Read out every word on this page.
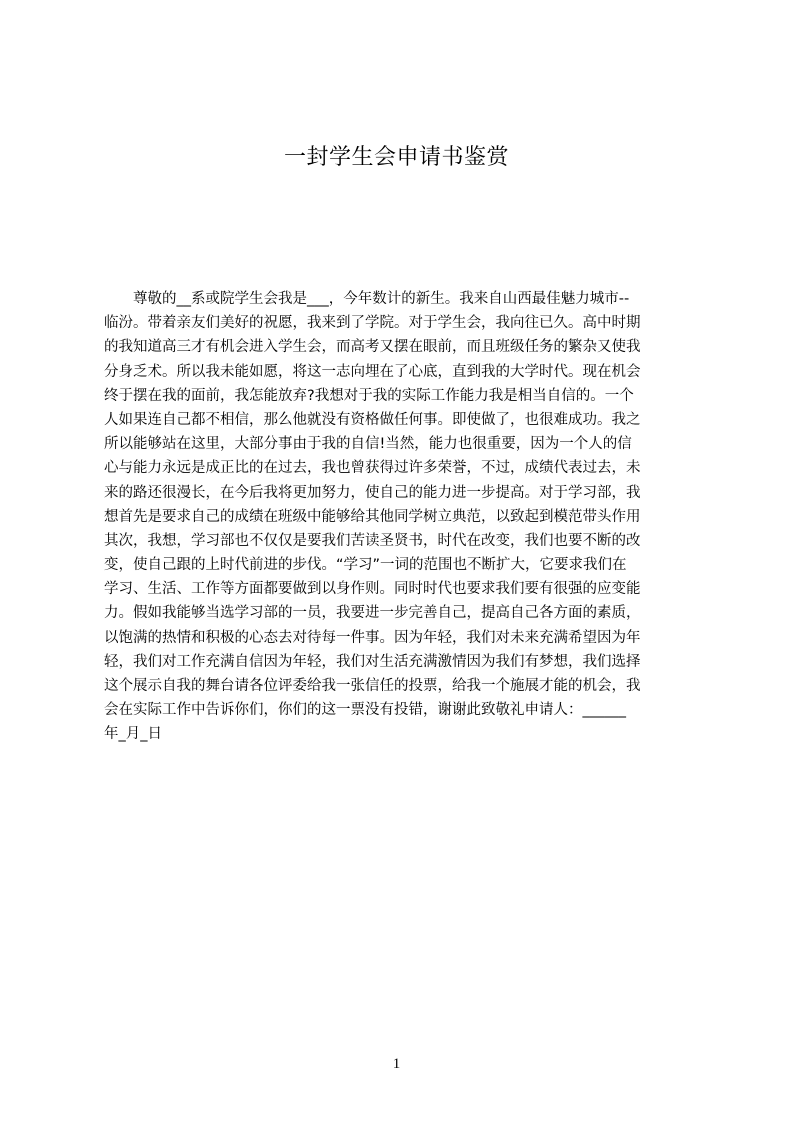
一封学生会申请书鉴赏
　　尊敬的__系或院学生会我是___，今年数计的新生。我来自山西最佳魅力城市--
临汾。带着亲友们美好的祝愿，我来到了学院。对于学生会，我向往已久。高中时期
的我知道高三才有机会进入学生会，而高考又摆在眼前，而且班级任务的繁杂又使我
分身乏术。所以我未能如愿，将这一志向埋在了心底，直到我的大学时代。现在机会
终于摆在我的面前，我怎能放弃?我想对于我的实际工作能力我是相当自信的。一个
人如果连自己都不相信，那么他就没有资格做任何事。即使做了，也很难成功。我之
所以能够站在这里，大部分事由于我的自信!当然，能力也很重要，因为一个人的信
心与能力永远是成正比的在过去，我也曾获得过许多荣誉，不过，成绩代表过去，未
来的路还很漫长，在今后我将更加努力，使自己的能力进一步提高。对于学习部，我
想首先是要求自己的成绩在班级中能够给其他同学树立典范，以致起到模范带头作用
其次，我想，学习部也不仅仅是要我们苦读圣贤书，时代在改变，我们也要不断的改
变，使自己跟的上时代前进的步伐。“学习”一词的范围也不断扩大，它要求我们在
学习、生活、工作等方面都要做到以身作则。同时时代也要求我们要有很强的应变能
力。假如我能够当选学习部的一员，我要进一步完善自己，提高自己各方面的素质，
以饱满的热情和积极的心态去对待每一件事。因为年轻，我们对未来充满希望因为年
轻，我们对工作充满自信因为年轻，我们对生活充满激情因为我们有梦想，我们选择
这个展示自我的舞台请各位评委给我一张信任的投票，给我一个施展才能的机会，我
会在实际工作中告诉你们，你们的这一票没有投错，谢谢此致敬礼申请人：______
年_月_日
1
